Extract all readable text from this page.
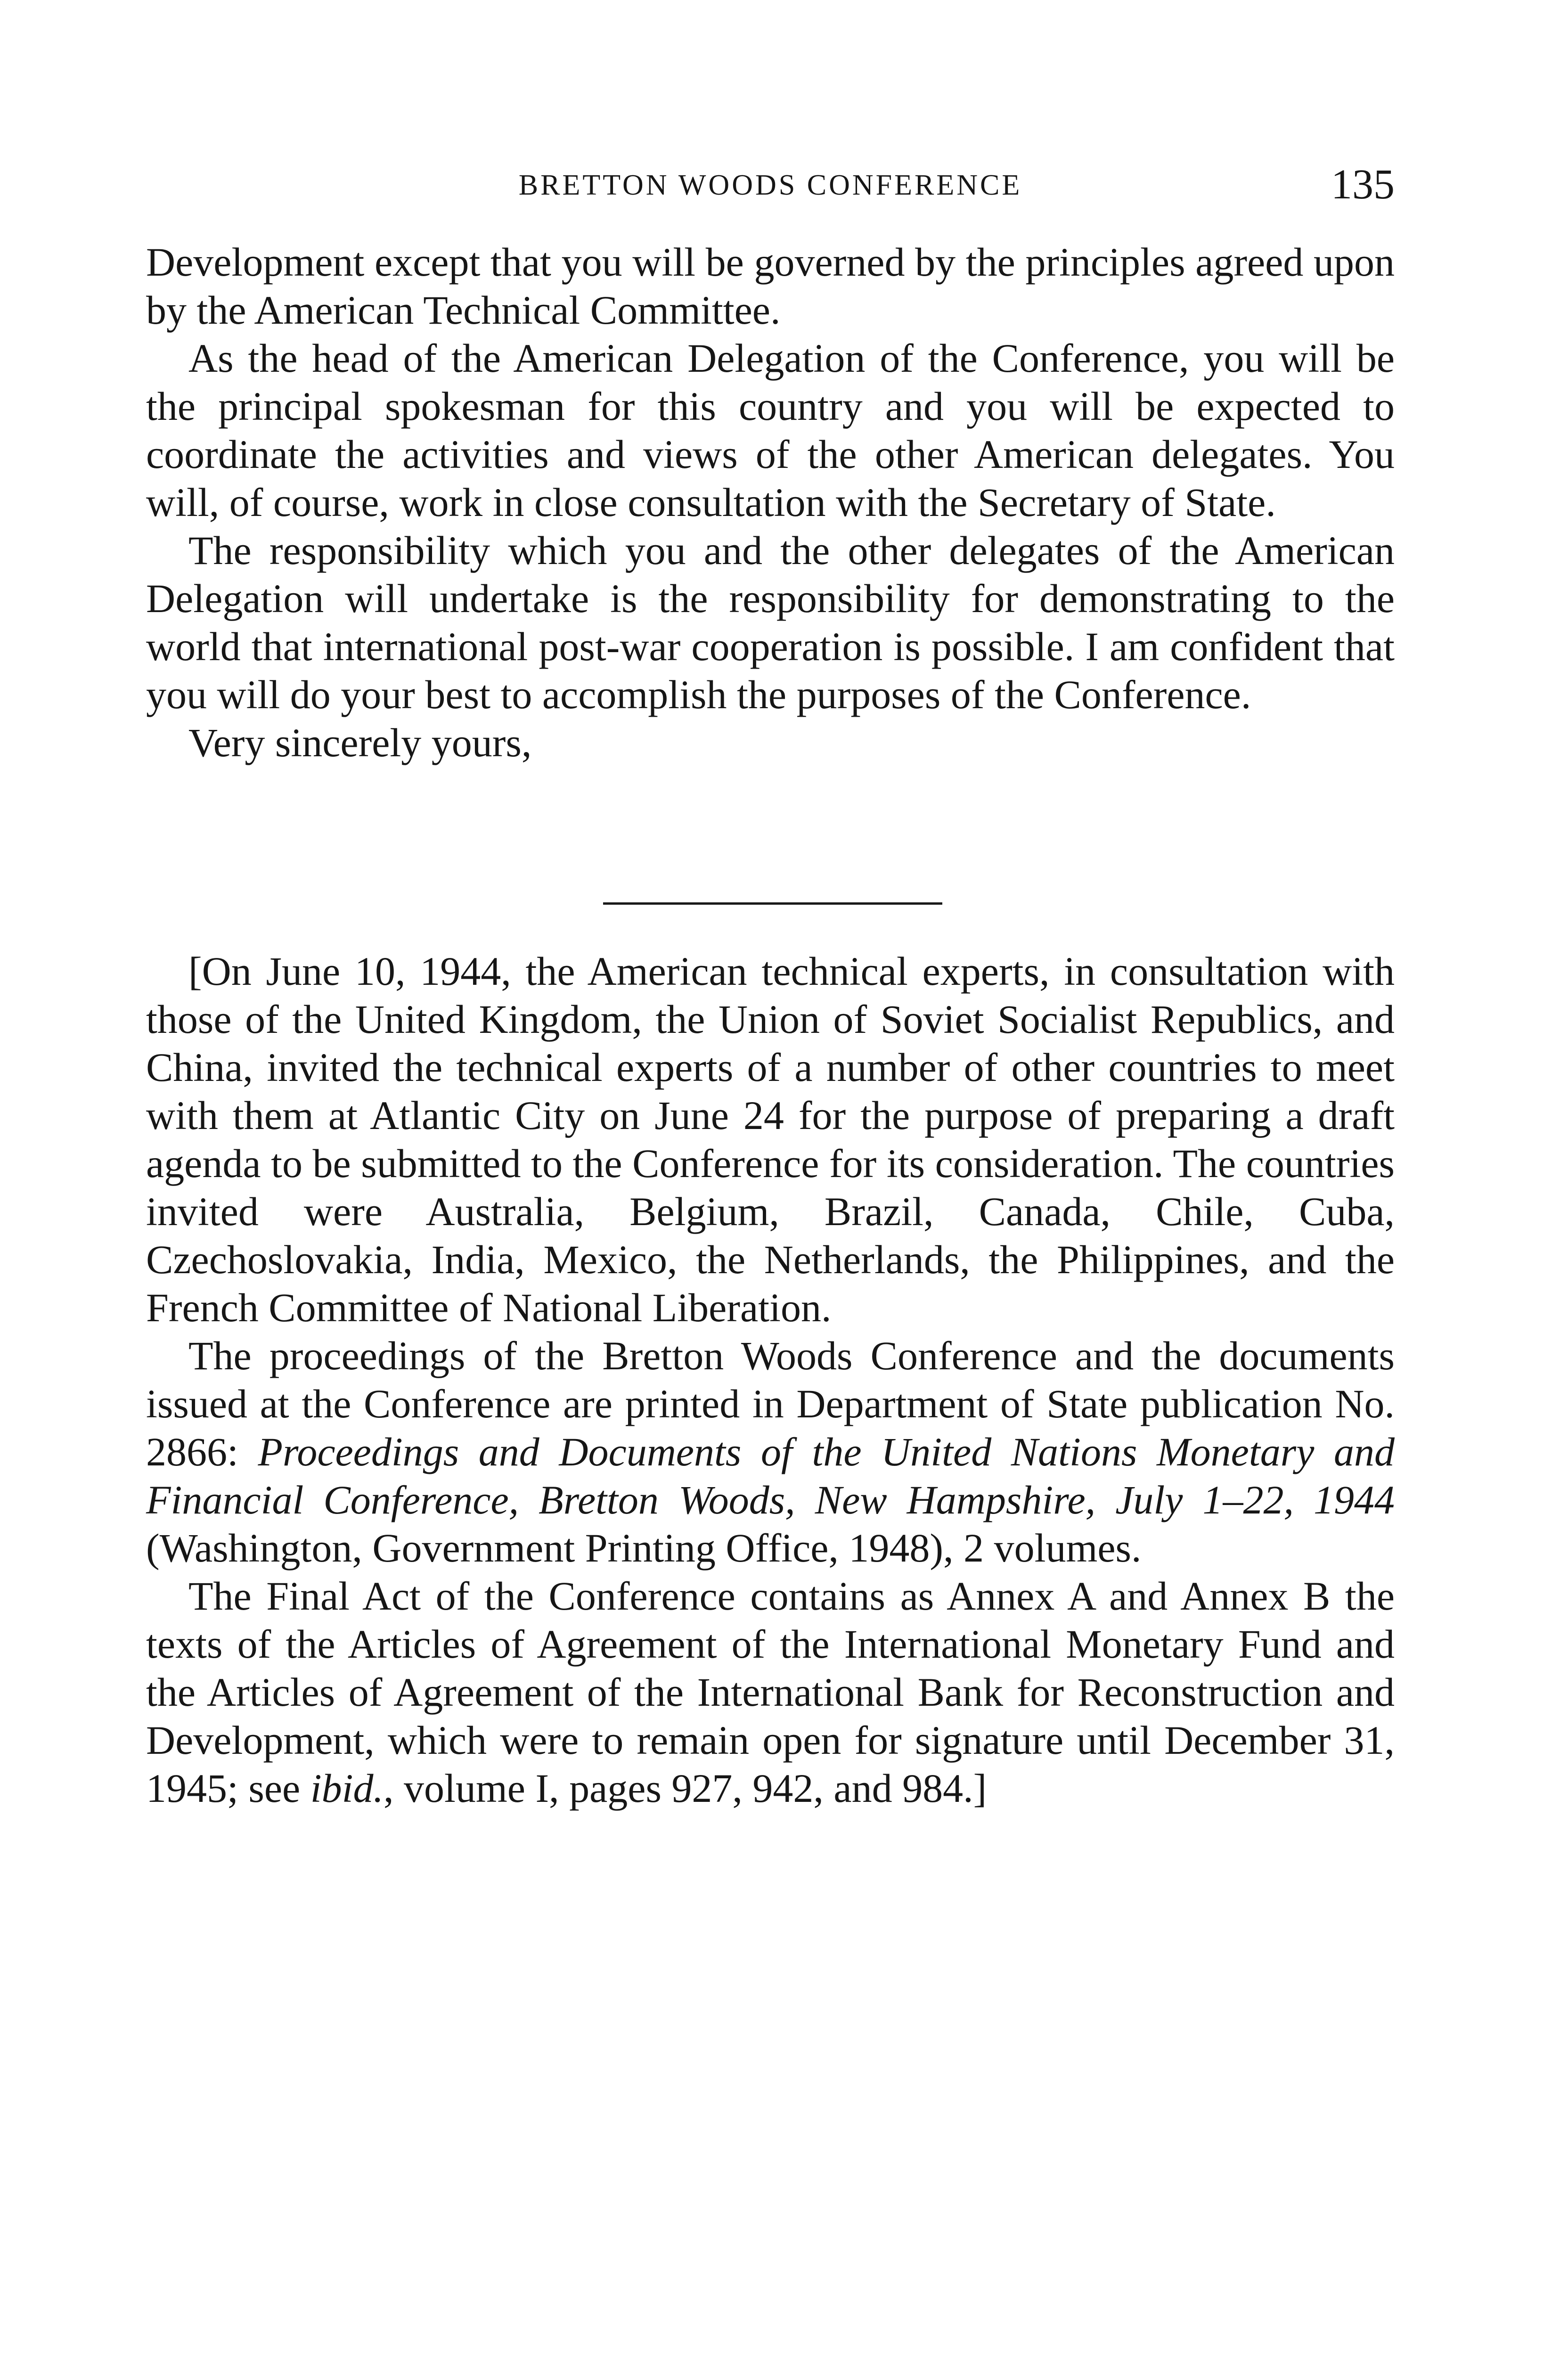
BRETTON WOODS CONFERENCE	135

Development except that you will be governed by the principles agreed upon by the American Technical Committee.

As the head of the American Delegation of the Conference, you will be the principal spokesman for this country and you will be expected to coordinate the activities and views of the other American delegates. You will, of course, work in close consultation with the Secretary of State.

The responsibility which you and the other delegates of the American Delegation will undertake is the responsibility for demonstrating to the world that international post-war cooperation is possible. I am confident that you will do your best to accomplish the purposes of the Conference.

Very sincerely yours,

[On June 10, 1944, the American technical experts, in consultation with those of the United Kingdom, the Union of Soviet Socialist Republics, and China, invited the technical experts of a number of other countries to meet with them at Atlantic City on June 24 for the purpose of preparing a draft agenda to be submitted to the Conference for its consideration. The countries invited were Australia, Belgium, Brazil, Canada, Chile, Cuba, Czechoslovakia, India, Mexico, the Netherlands, the Philippines, and the French Committee of National Liberation.

The proceedings of the Bretton Woods Conference and the documents issued at the Conference are printed in Department of State publication No. 2866: Proceedings and Documents of the United Nations Monetary and Financial Conference, Bretton Woods, New Hampshire, July 1–22, 1944 (Washington, Government Printing Office, 1948), 2 volumes.

The Final Act of the Conference contains as Annex A and Annex B the texts of the Articles of Agreement of the International Monetary Fund and the Articles of Agreement of the International Bank for Reconstruction and Development, which were to remain open for signature until December 31, 1945; see ibid., volume I, pages 927, 942, and 984.]
